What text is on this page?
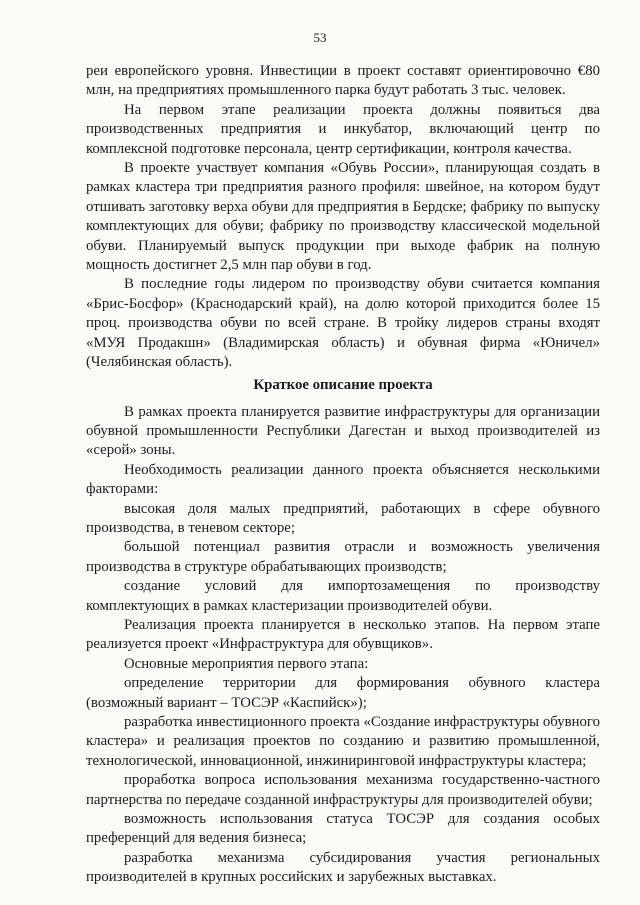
53

реи европейского уровня. Инвестиции в проект составят ориентировочно €80 млн, на предприятиях промышленного парка будут работать 3 тыс. человек.

На первом этапе реализации проекта должны появиться два производственных предприятия и инкубатор, включающий центр по комплексной подготовке персонала, центр сертификации, контроля качества.

В проекте участвует компания «Обувь России», планирующая создать в рамках кластера три предприятия разного профиля: швейное, на котором будут отшивать заготовку верха обуви для предприятия в Бердске; фабрику по выпуску комплектующих для обуви; фабрику по производству классической модельной обуви. Планируемый выпуск продукции при выходе фабрик на полную мощность достигнет 2,5 млн пар обуви в год.

В последние годы лидером по производству обуви считается компания «Брис-Босфор» (Краснодарский край), на долю которой приходится более 15 проц. производства обуви по всей стране. В тройку лидеров страны входят «МУЯ Продакшн» (Владимирская область) и обувная фирма «Юничел» (Челябинская область).

Краткое описание проекта

В рамках проекта планируется развитие инфраструктуры для организации обувной промышленности Республики Дагестан и выход производителей из «серой» зоны.

Необходимость реализации данного проекта объясняется несколькими факторами:

высокая доля малых предприятий, работающих в сфере обувного производства, в теневом секторе;

большой потенциал развития отрасли и возможность увеличения производства в структуре обрабатывающих производств;

создание условий для импортозамещения по производству комплектующих в рамках кластеризации производителей обуви.

Реализация проекта планируется в несколько этапов. На первом этапе реализуется проект «Инфраструктура для обувщиков».

Основные мероприятия первого этапа:

определение территории для формирования обувного кластера (возможный вариант – ТОСЭР «Каспийск»);

разработка инвестиционного проекта «Создание инфраструктуры обувного кластера» и реализация проектов по созданию и развитию промышленной, технологической, инновационной, инжиниринговой инфраструктуры кластера;

проработка вопроса использования механизма государственно-частного партнерства по передаче созданной инфраструктуры для производителей обуви;

возможность использования статуса ТОСЭР для создания особых преференций для ведения бизнеса;

разработка механизма субсидирования участия региональных производителей в крупных российских и зарубежных выставках.
